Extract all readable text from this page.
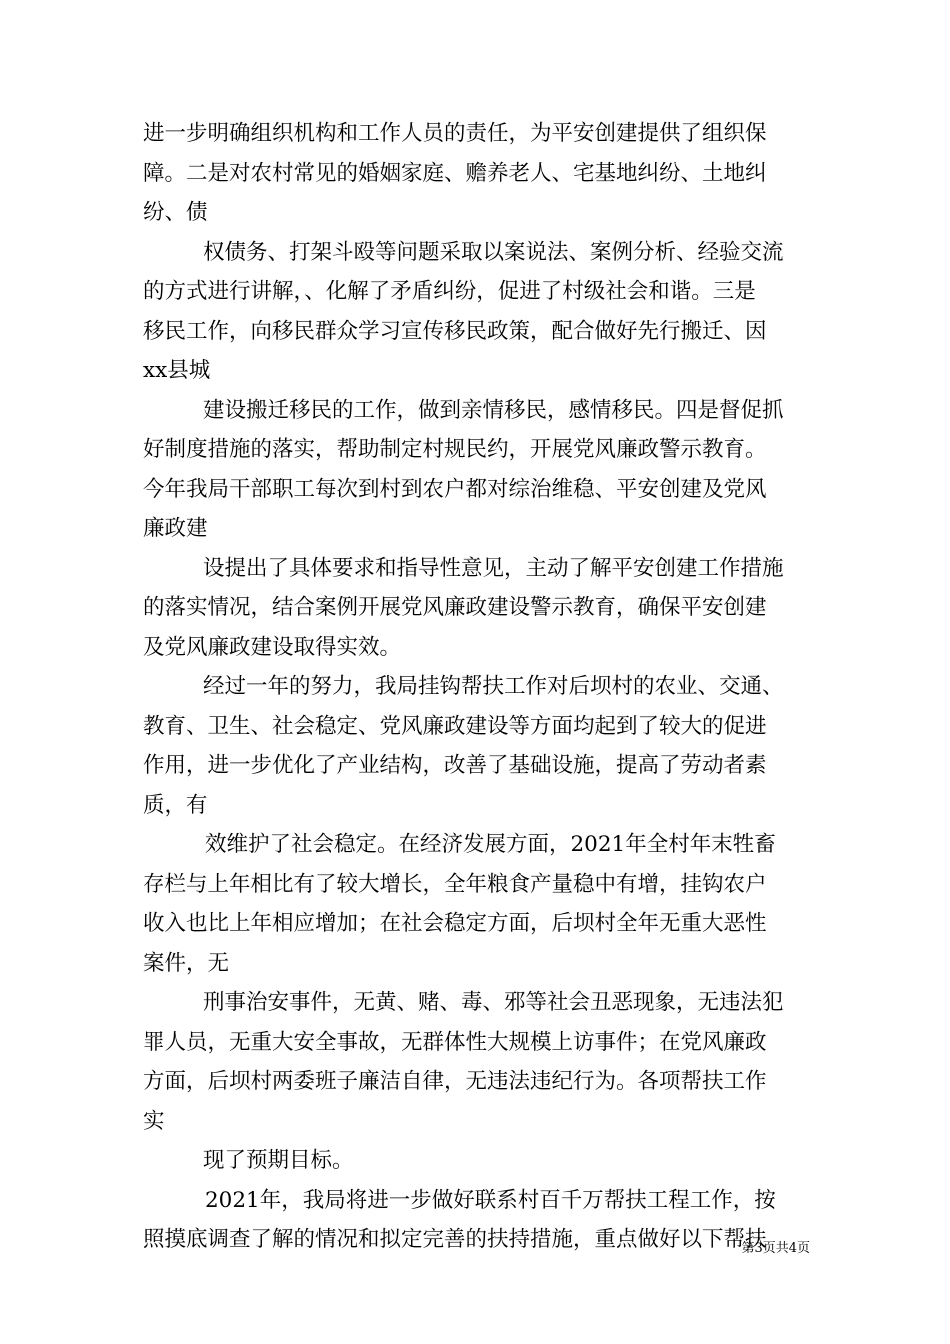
进一步明确组织机构和工作人员的责任，为平安创建提供了组织保
障。二是对农村常见的婚姻家庭、赡养老人、宅基地纠纷、土地纠
纷、债
权债务、打架斗殴等问题采取以案说法、案例分析、经验交流
的方式进行讲解，、化解了矛盾纠纷，促进了村级社会和谐。三是
移民工作，向移民群众学习宣传移民政策，配合做好先行搬迁、因
xx县城
建设搬迁移民的工作，做到亲情移民，感情移民。四是督促抓
好制度措施的落实，帮助制定村规民约，开展党风廉政警示教育。
今年我局干部职工每次到村到农户都对综治维稳、平安创建及党风
廉政建
设提出了具体要求和指导性意见，主动了解平安创建工作措施
的落实情况，结合案例开展党风廉政建设警示教育，确保平安创建
及党风廉政建设取得实效。
经过一年的努力，我局挂钩帮扶工作对后坝村的农业、交通、
教育、卫生、社会稳定、党风廉政建设等方面均起到了较大的促进
作用，进一步优化了产业结构，改善了基础设施，提高了劳动者素
质，有
效维护了社会稳定。在经济发展方面，2021年全村年末牲畜
存栏与上年相比有了较大增长，全年粮食产量稳中有增，挂钩农户
收入也比上年相应增加；在社会稳定方面，后坝村全年无重大恶性
案件，无
刑事治安事件，无黄、赌、毒、邪等社会丑恶现象，无违法犯
罪人员，无重大安全事故，无群体性大规模上访事件；在党风廉政
方面，后坝村两委班子廉洁自律，无违法违纪行为。各项帮扶工作
实
现了预期目标。
2021年，我局将进一步做好联系村百千万帮扶工程工作，按
照摸底调查了解的情况和拟定完善的扶持措施，重点做好以下帮扶
第3页共4页
